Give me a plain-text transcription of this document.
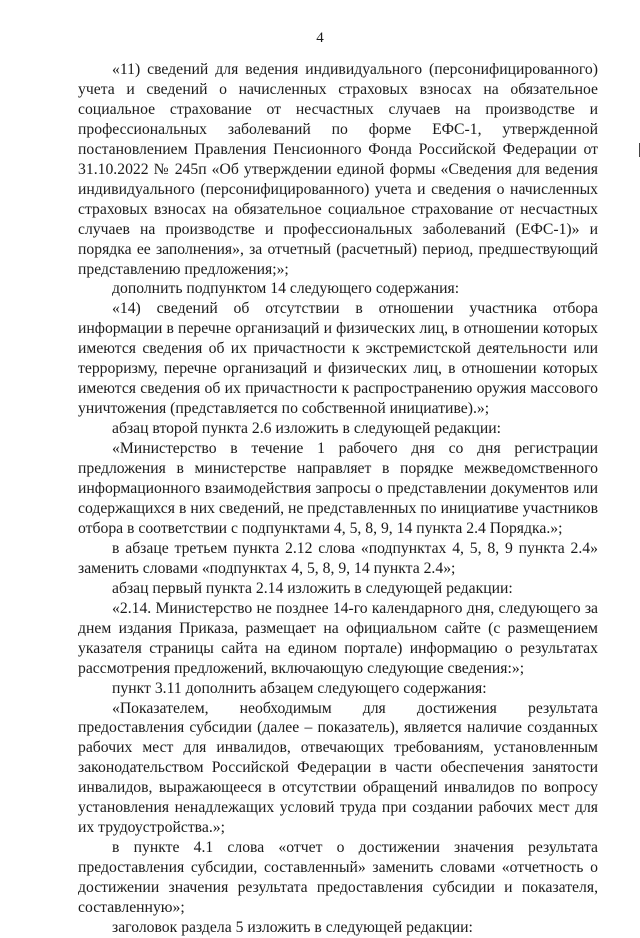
4

«11) сведений для ведения индивидуального (персонифицированного) учета и сведений о начисленных страховых взносах на обязательное социальное страхование от несчастных случаев на производстве и профессиональных заболеваний по форме ЕФС-1, утвержденной постановлением Правления Пенсионного Фонда Российской Федерации от 31.10.2022 № 245п «Об утверждении единой формы «Сведения для ведения индивидуального (персонифицированного) учета и сведения о начисленных страховых взносах на обязательное социальное страхование от несчастных случаев на производстве и профессиональных заболеваний (ЕФС-1)» и порядка ее заполнения», за отчетный (расчетный) период, предшествующий представлению предложения;»;

дополнить подпунктом 14 следующего содержания:

«14) сведений об отсутствии в отношении участника отбора информации в перечне организаций и физических лиц, в отношении которых имеются сведения об их причастности к экстремистской деятельности или терроризму, перечне организаций и физических лиц, в отношении которых имеются сведения об их причастности к распространению оружия массового уничтожения (представляется по собственной инициативе).»;

абзац второй пункта 2.6 изложить в следующей редакции:

«Министерство в течение 1 рабочего дня со дня регистрации предложения в министерстве направляет в порядке межведомственного информационного взаимодействия запросы о представлении документов или содержащихся в них сведений, не представленных по инициативе участников отбора в соответствии с подпунктами 4, 5, 8, 9, 14 пункта 2.4 Порядка.»;

в абзаце третьем пункта 2.12 слова «подпунктах 4, 5, 8, 9 пункта 2.4» заменить словами «подпунктах 4, 5, 8, 9, 14 пункта 2.4»;

абзац первый пункта 2.14 изложить в следующей редакции:

«2.14. Министерство не позднее 14-го календарного дня, следующего за днем издания Приказа, размещает на официальном сайте (с размещением указателя страницы сайта на едином портале) информацию о результатах рассмотрения предложений, включающую следующие сведения:»;

пункт 3.11 дополнить абзацем следующего содержания:

«Показателем, необходимым для достижения результата предоставления субсидии (далее – показатель), является наличие созданных рабочих мест для инвалидов, отвечающих требованиям, установленным законодательством Российской Федерации в части обеспечения занятости инвалидов, выражающееся в отсутствии обращений инвалидов по вопросу установления ненадлежащих условий труда при создании рабочих мест для их трудоустройства.»;

в пункте 4.1 слова «отчет о достижении значения результата предоставления субсидии, составленный» заменить словами «отчетность о достижении значения результата предоставления субсидии и показателя, составленную»;

заголовок раздела 5 изложить в следующей редакции:
